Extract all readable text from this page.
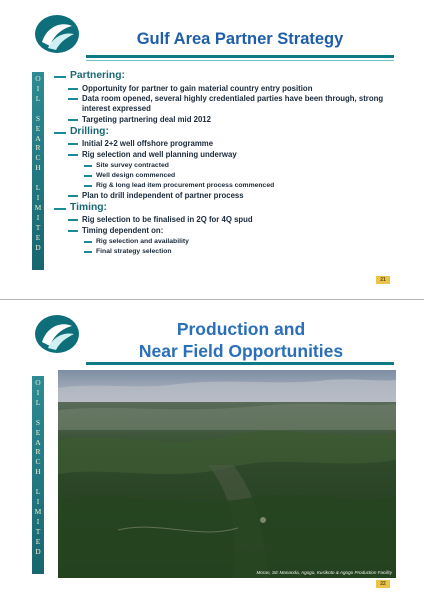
Gulf Area Partner Strategy
O
I
L
S
E
A
R
C
H
L
I
M
I
T
E
D
Partnering:
Opportunity for partner to gain material country entry position
Data room opened, several highly credentialed parties have been through, strong interest expressed
Targeting partnering deal mid 2012
Drilling:
Initial 2+2 well offshore programme
Rig selection and well planning underway
Site survey contracted
Well design commenced
Rig & long lead item procurement process commenced
Plan to drill independent of partner process
Timing:
Rig selection to be finalised in 2Q for 4Q spud
Timing dependent on:
Rig selection and availability
Final strategy selection
21
Production and
Near Field Opportunities
O
I
L
S
E
A
R
C
H
L
I
M
I
T
E
D
Moran, SE Mananda, Agogo, Kusikoto & Agogo Production Facility
22
